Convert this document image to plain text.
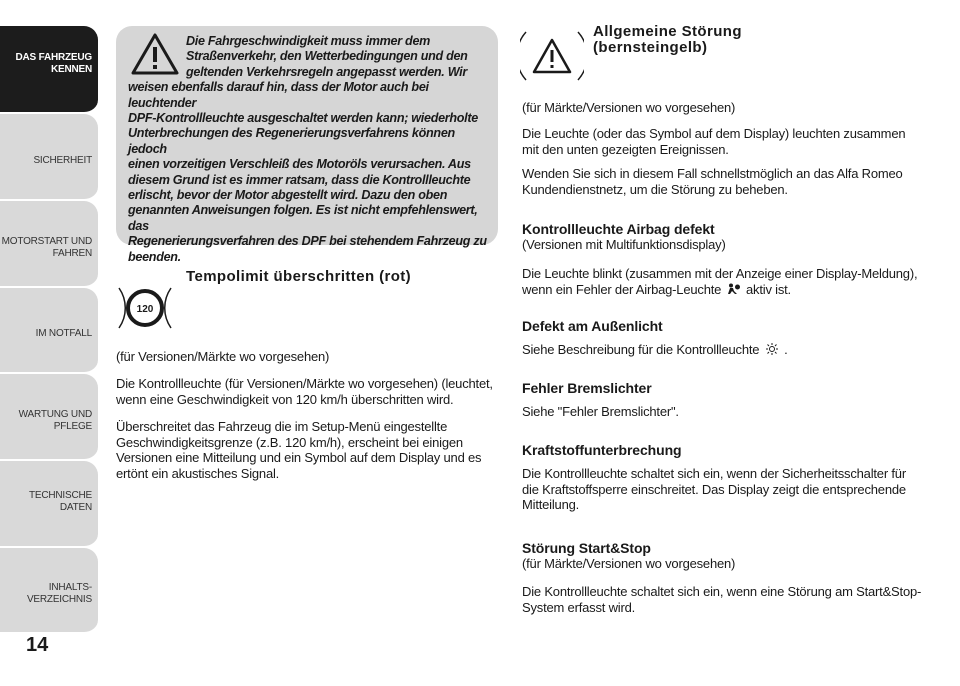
DAS FAHRZEUG
KENNEN
SICHERHEIT
MOTORSTART UND
FAHREN
IM NOTFALL
WARTUNG UND
PFLEGE
TECHNISCHE DATEN
INHALTS-
VERZEICHNIS
14
Die Fahrgeschwindigkeit muss immer dem
Straßenverkehr, den Wetterbedingungen und den
geltenden Verkehrsregeln angepasst werden. Wir
weisen ebenfalls darauf hin, dass der Motor auch bei leuchtender
DPF-Kontrollleuchte ausgeschaltet werden kann; wiederholte
Unterbrechungen des Regenerierungsverfahrens können jedoch
einen vorzeitigen Verschleiß des Motoröls verursachen. Aus
diesem Grund ist es immer ratsam, dass die Kontrollleuchte
erlischt, bevor der Motor abgestellt wird. Dazu den oben
genannten Anweisungen folgen. Es ist nicht empfehlenswert, das
Regenerierungsverfahren des DPF bei stehendem Fahrzeug zu
beenden.
120
Tempolimit überschritten (rot)
(für Versionen/Märkte wo vorgesehen)
Die Kontrollleuchte (für Versionen/Märkte wo vorgesehen) (leuchtet,
wenn eine Geschwindigkeit von 120 km/h überschritten wird.
Überschreitet das Fahrzeug die im Setup-Menü eingestellte
Geschwindigkeitsgrenze (z.B. 120 km/h), erscheint bei einigen
Versionen eine Mitteilung und ein Symbol auf dem Display und es
ertönt ein akustisches Signal.
Allgemeine Störung
(bernsteingelb)
(für Märkte/Versionen wo vorgesehen)
Die Leuchte (oder das Symbol auf dem Display) leuchten zusammen
mit den unten gezeigten Ereignissen.
Wenden Sie sich in diesem Fall schnellstmöglich an das Alfa Romeo
Kundendienstnetz, um die Störung zu beheben.
Kontrollleuchte Airbag defekt
(Versionen mit Multifunktionsdisplay)
Die Leuchte blinkt (zusammen mit der Anzeige einer Display-Meldung),
wenn ein Fehler der Airbag-Leuchte aktiv ist.
Defekt am Außenlicht
Siehe Beschreibung für die Kontrollleuchte .
Fehler Bremslichter
Siehe "Fehler Bremslichter".
Kraftstoffunterbrechung
Die Kontrollleuchte schaltet sich ein, wenn der Sicherheitsschalter für
die Kraftstoffsperre einschreitet. Das Display zeigt die entsprechende
Mitteilung.
Störung Start&Stop
(für Märkte/Versionen wo vorgesehen)
Die Kontrollleuchte schaltet sich ein, wenn eine Störung am Start&Stop-
System erfasst wird.
